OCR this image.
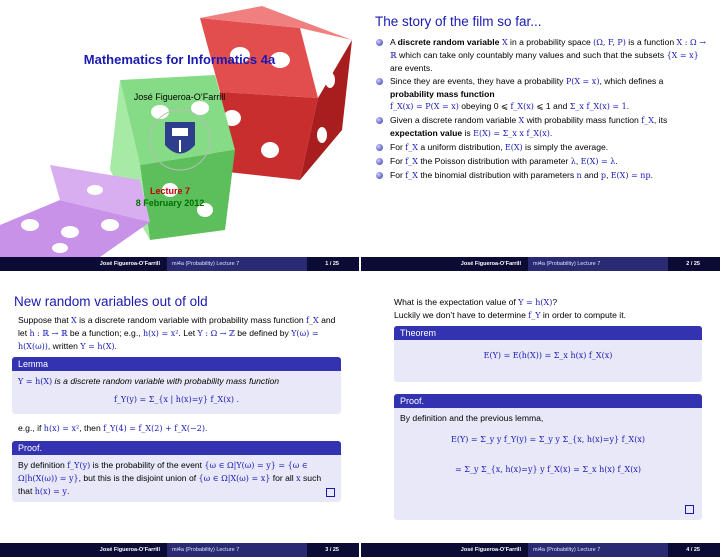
Mathematics for Informatics 4a
José Figueroa-O’Farrill
Lecture 7
8 February 2012
José Figueroa-O’Farrill mi4a (Probability) Lecture 7	1 / 25
The story of the film so far...
A discrete random variable X in a probability space (Ω, F, P) is a function X : Ω → ℝ which can take only countably many values and such that the subsets {X = x} are events.
Since they are events, they have a probability P(X = x), which defines a probability mass function
f_X(x) = P(X = x) obeying 0 ⩽ f_X(x) ⩽ 1 and Σ_x f_X(x) = 1.
Given a discrete random variable X with probability mass function f_X, its expectation value is E(X) = Σ_x x f_X(x).
For f_X a uniform distribution, E(X) is simply the average.
For f_X the Poisson distribution with parameter λ, E(X) = λ.
For f_X the binomial distribution with parameters n and p, E(X) = np.
José Figueroa-O’Farrill mi4a (Probability) Lecture 7	2 / 25
New random variables out of old
Suppose that X is a discrete random variable with probability mass function f_X and let h : ℝ → ℝ be a function; e.g., h(x) = x². Let Y : Ω → ℤ be defined by Y(ω) = h(X(ω)), written Y = h(X).
Lemma
Y = h(X) is a discrete random variable with probability mass function
f_Y(y) = Σ_{x | h(x)=y} f_X(x) .
e.g., if h(x) = x², then f_Y(4) = f_X(2) + f_X(−2).
Proof.
By definition f_Y(y) is the probability of the event {ω ∈ Ω|Y(ω) = y} = {ω ∈ Ω|h(X(ω)) = y}, but this is the disjoint union of {ω ∈ Ω|X(ω) = x} for all x such that h(x) = y.
José Figueroa-O’Farrill mi4a (Probability) Lecture 7	3 / 25
What is the expectation value of Y = h(X)?
Luckily we don’t have to determine f_Y in order to compute it.
Theorem
E(Y) = E(h(X)) = Σ_x h(x) f_X(x)
Proof.
By definition and the previous lemma,
E(Y) = Σ_y y f_Y(y) = Σ_y y Σ_{x, h(x)=y} f_X(x)
= Σ_y Σ_{x, h(x)=y} y f_X(x) = Σ_x h(x) f_X(x)
José Figueroa-O’Farrill mi4a (Probability) Lecture 7	4 / 25
